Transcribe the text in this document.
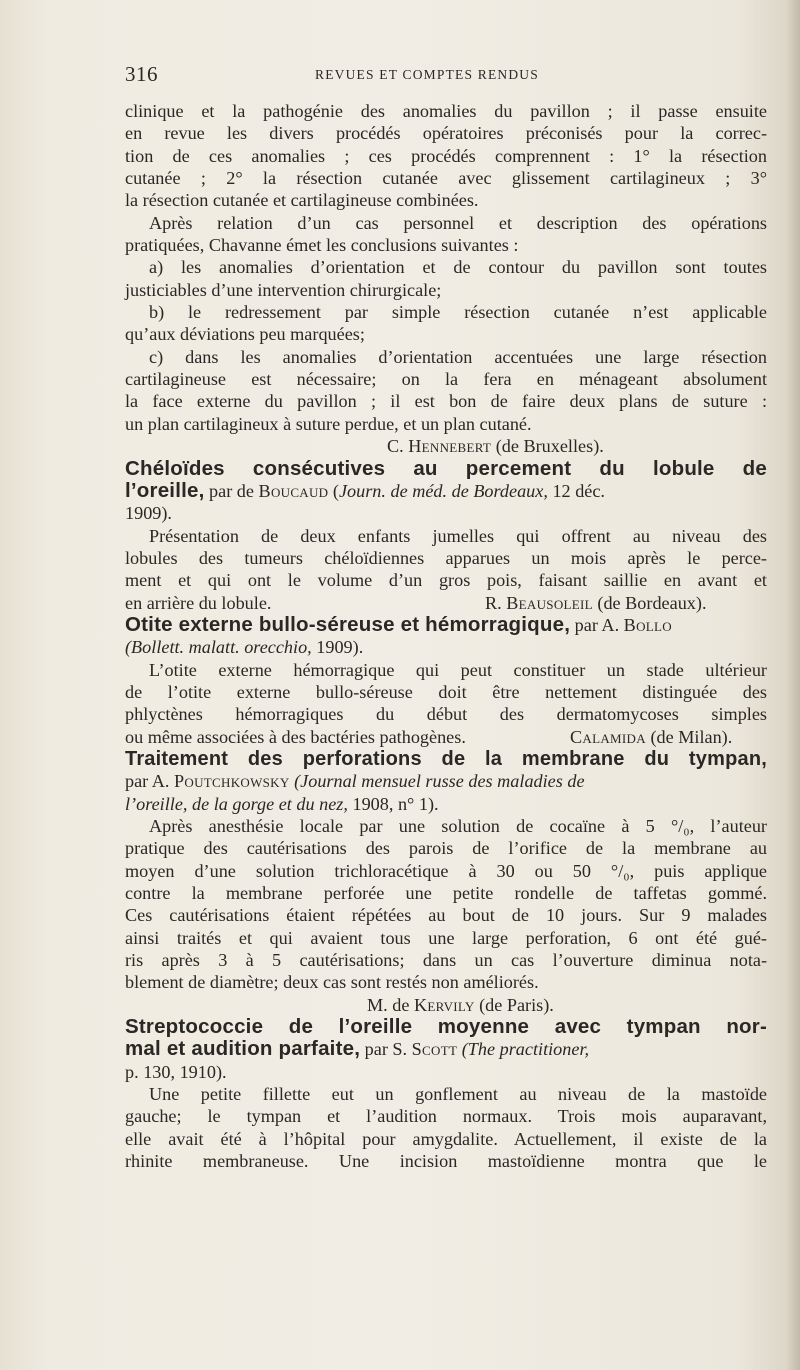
316	REVUES ET COMPTES RENDUS
clinique et la pathogénie des anomalies du pavillon ; il passe ensuite
en revue les divers procédés opératoires préconisés pour la correc-
tion de ces anomalies ; ces procédés comprennent : 1° la résection
cutanée ; 2° la résection cutanée avec glissement cartilagineux ; 3°
la résection cutanée et cartilagineuse combinées.
Après relation d’un cas personnel et description des opérations
pratiquées, Chavanne émet les conclusions suivantes :
a) les anomalies d’orientation et de contour du pavillon sont toutes
justiciables d’une intervention chirurgicale;
b) le redressement par simple résection cutanée n’est applicable
qu’aux déviations peu marquées;
c) dans les anomalies d’orientation accentuées une large résection
cartilagineuse est nécessaire; on la fera en ménageant absolument
la face externe du pavillon ; il est bon de faire deux plans de suture :
un plan cartilagineux à suture perdue, et un plan cutané.
C. Hennebert (de Bruxelles).
Chéloïdes consécutives au percement du lobule de
l’oreille, par de Boucaud (Journ. de méd. de Bordeaux, 12 déc.
1909).
Présentation de deux enfants jumelles qui offrent au niveau des
lobules des tumeurs chéloïdiennes apparues un mois après le perce-
ment et qui ont le volume d’un gros pois, faisant saillie en avant et
en arrière du lobule.	R. Beausoleil (de Bordeaux).
Otite externe bullo-séreuse et hémorragique, par A. Bollo
(Bollett. malatt. orecchio, 1909).
L’otite externe hémorragique qui peut constituer un stade ultérieur
de l’otite externe bullo-séreuse doit être nettement distinguée des
phlyctènes hémorragiques du début des dermatomycoses simples
ou même associées à des bactéries pathogènes.	Calamida (de Milan).
Traitement des perforations de la membrane du tympan,
par A. Poutchkowsky (Journal mensuel russe des maladies de
l’oreille, de la gorge et du nez, 1908, n° 1).
Après anesthésie locale par une solution de cocaïne à 5 °/₀, l’auteur
pratique des cautérisations des parois de l’orifice de la membrane au
moyen d’une solution trichloracétique à 30 ou 50 °/₀, puis applique
contre la membrane perforée une petite rondelle de taffetas gommé.
Ces cautérisations étaient répétées au bout de 10 jours. Sur 9 malades
ainsi traités et qui avaient tous une large perforation, 6 ont été gué-
ris après 3 à 5 cautérisations; dans un cas l’ouverture diminua nota-
blement de diamètre; deux cas sont restés non améliorés.
M. de Kervily (de Paris).
Streptococcie de l’oreille moyenne avec tympan nor-
mal et audition parfaite, par S. Scott (The practitioner,
p. 130, 1910).
Une petite fillette eut un gonflement au niveau de la mastoïde
gauche; le tympan et l’audition normaux. Trois mois auparavant,
elle avait été à l’hôpital pour amygdalite. Actuellement, il existe de la
rhinite membraneuse. Une incision mastoïdienne montra que le
